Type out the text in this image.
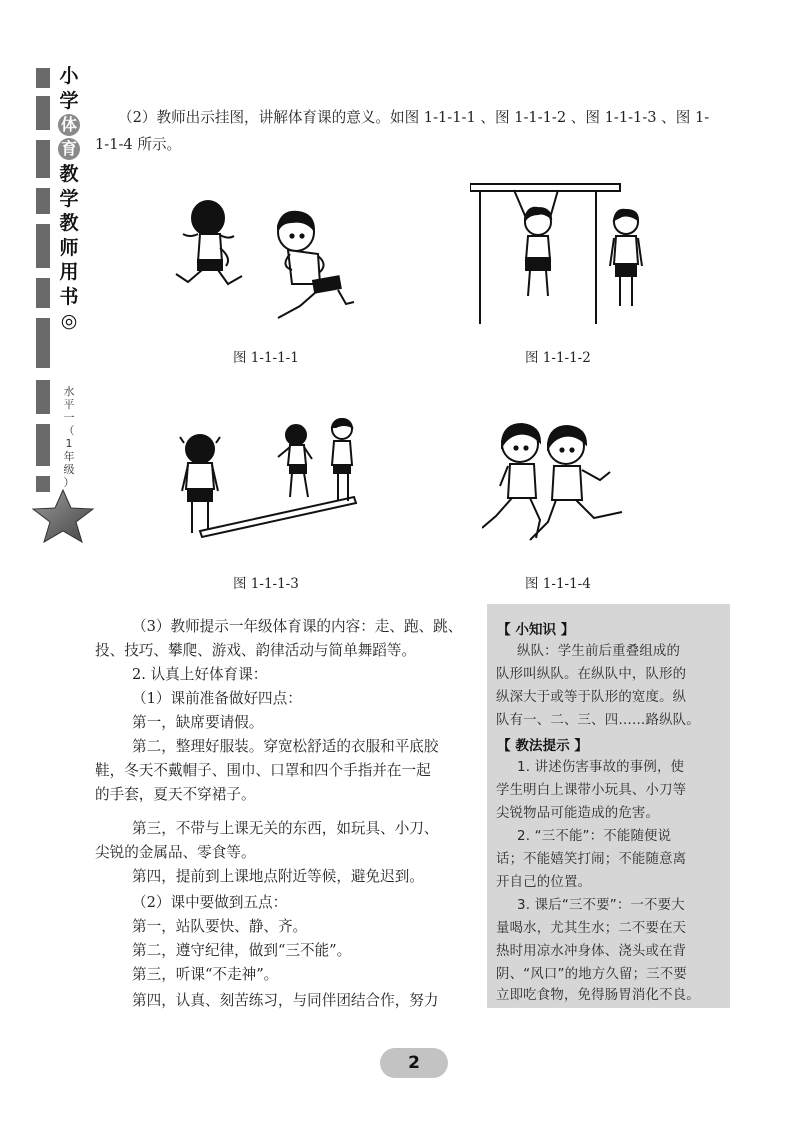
小
学
体
育
教
学
教
师
用
书
◎
水
平
一
（
1
年
级
）
（2）教师出示挂图，讲解体育课的意义。如图 1-1-1-1 、图 1-1-1-2 、图 1-1-1-3 、图 1-
1-1-4 所示。
图 1-1-1-1	图 1-1-1-2
图 1-1-1-3	图 1-1-1-4
（3）教师提示一年级体育课的内容：走、跑、跳、
投、技巧、攀爬、游戏、韵律活动与简单舞蹈等。
2. 认真上好体育课：
（1）课前准备做好四点：
第一，缺席要请假。
第二，整理好服装。穿宽松舒适的衣服和平底胶
鞋，冬天不戴帽子、围巾、口罩和四个手指并在一起
的手套，夏天不穿裙子。
第三，不带与上课无关的东西，如玩具、小刀、
尖锐的金属品、零食等。
第四，提前到上课地点附近等候，避免迟到。
（2）课中要做到五点：
第一，站队要快、静、齐。
第二，遵守纪律，做到“三不能”。
第三，听课“不走神”。
第四，认真、刻苦练习，与同伴团结合作，努力
【 小知识 】
纵队：学生前后重叠组成的
队形叫纵队。在纵队中，队形的
纵深大于或等于队形的宽度。纵
队有一、二、三、四……路纵队。
【 教法提示 】
1. 讲述伤害事故的事例，使
学生明白上课带小玩具、小刀等
尖锐物品可能造成的危害。
2. “三不能”：不能随便说
话；不能嬉笑打闹；不能随意离
开自己的位置。
3. 课后“三不要”：一不要大
量喝水，尤其生水；二不要在天
热时用凉水冲身体、浇头或在背
阴、“风口”的地方久留；三不要
立即吃食物，免得肠胃消化不良。
2
